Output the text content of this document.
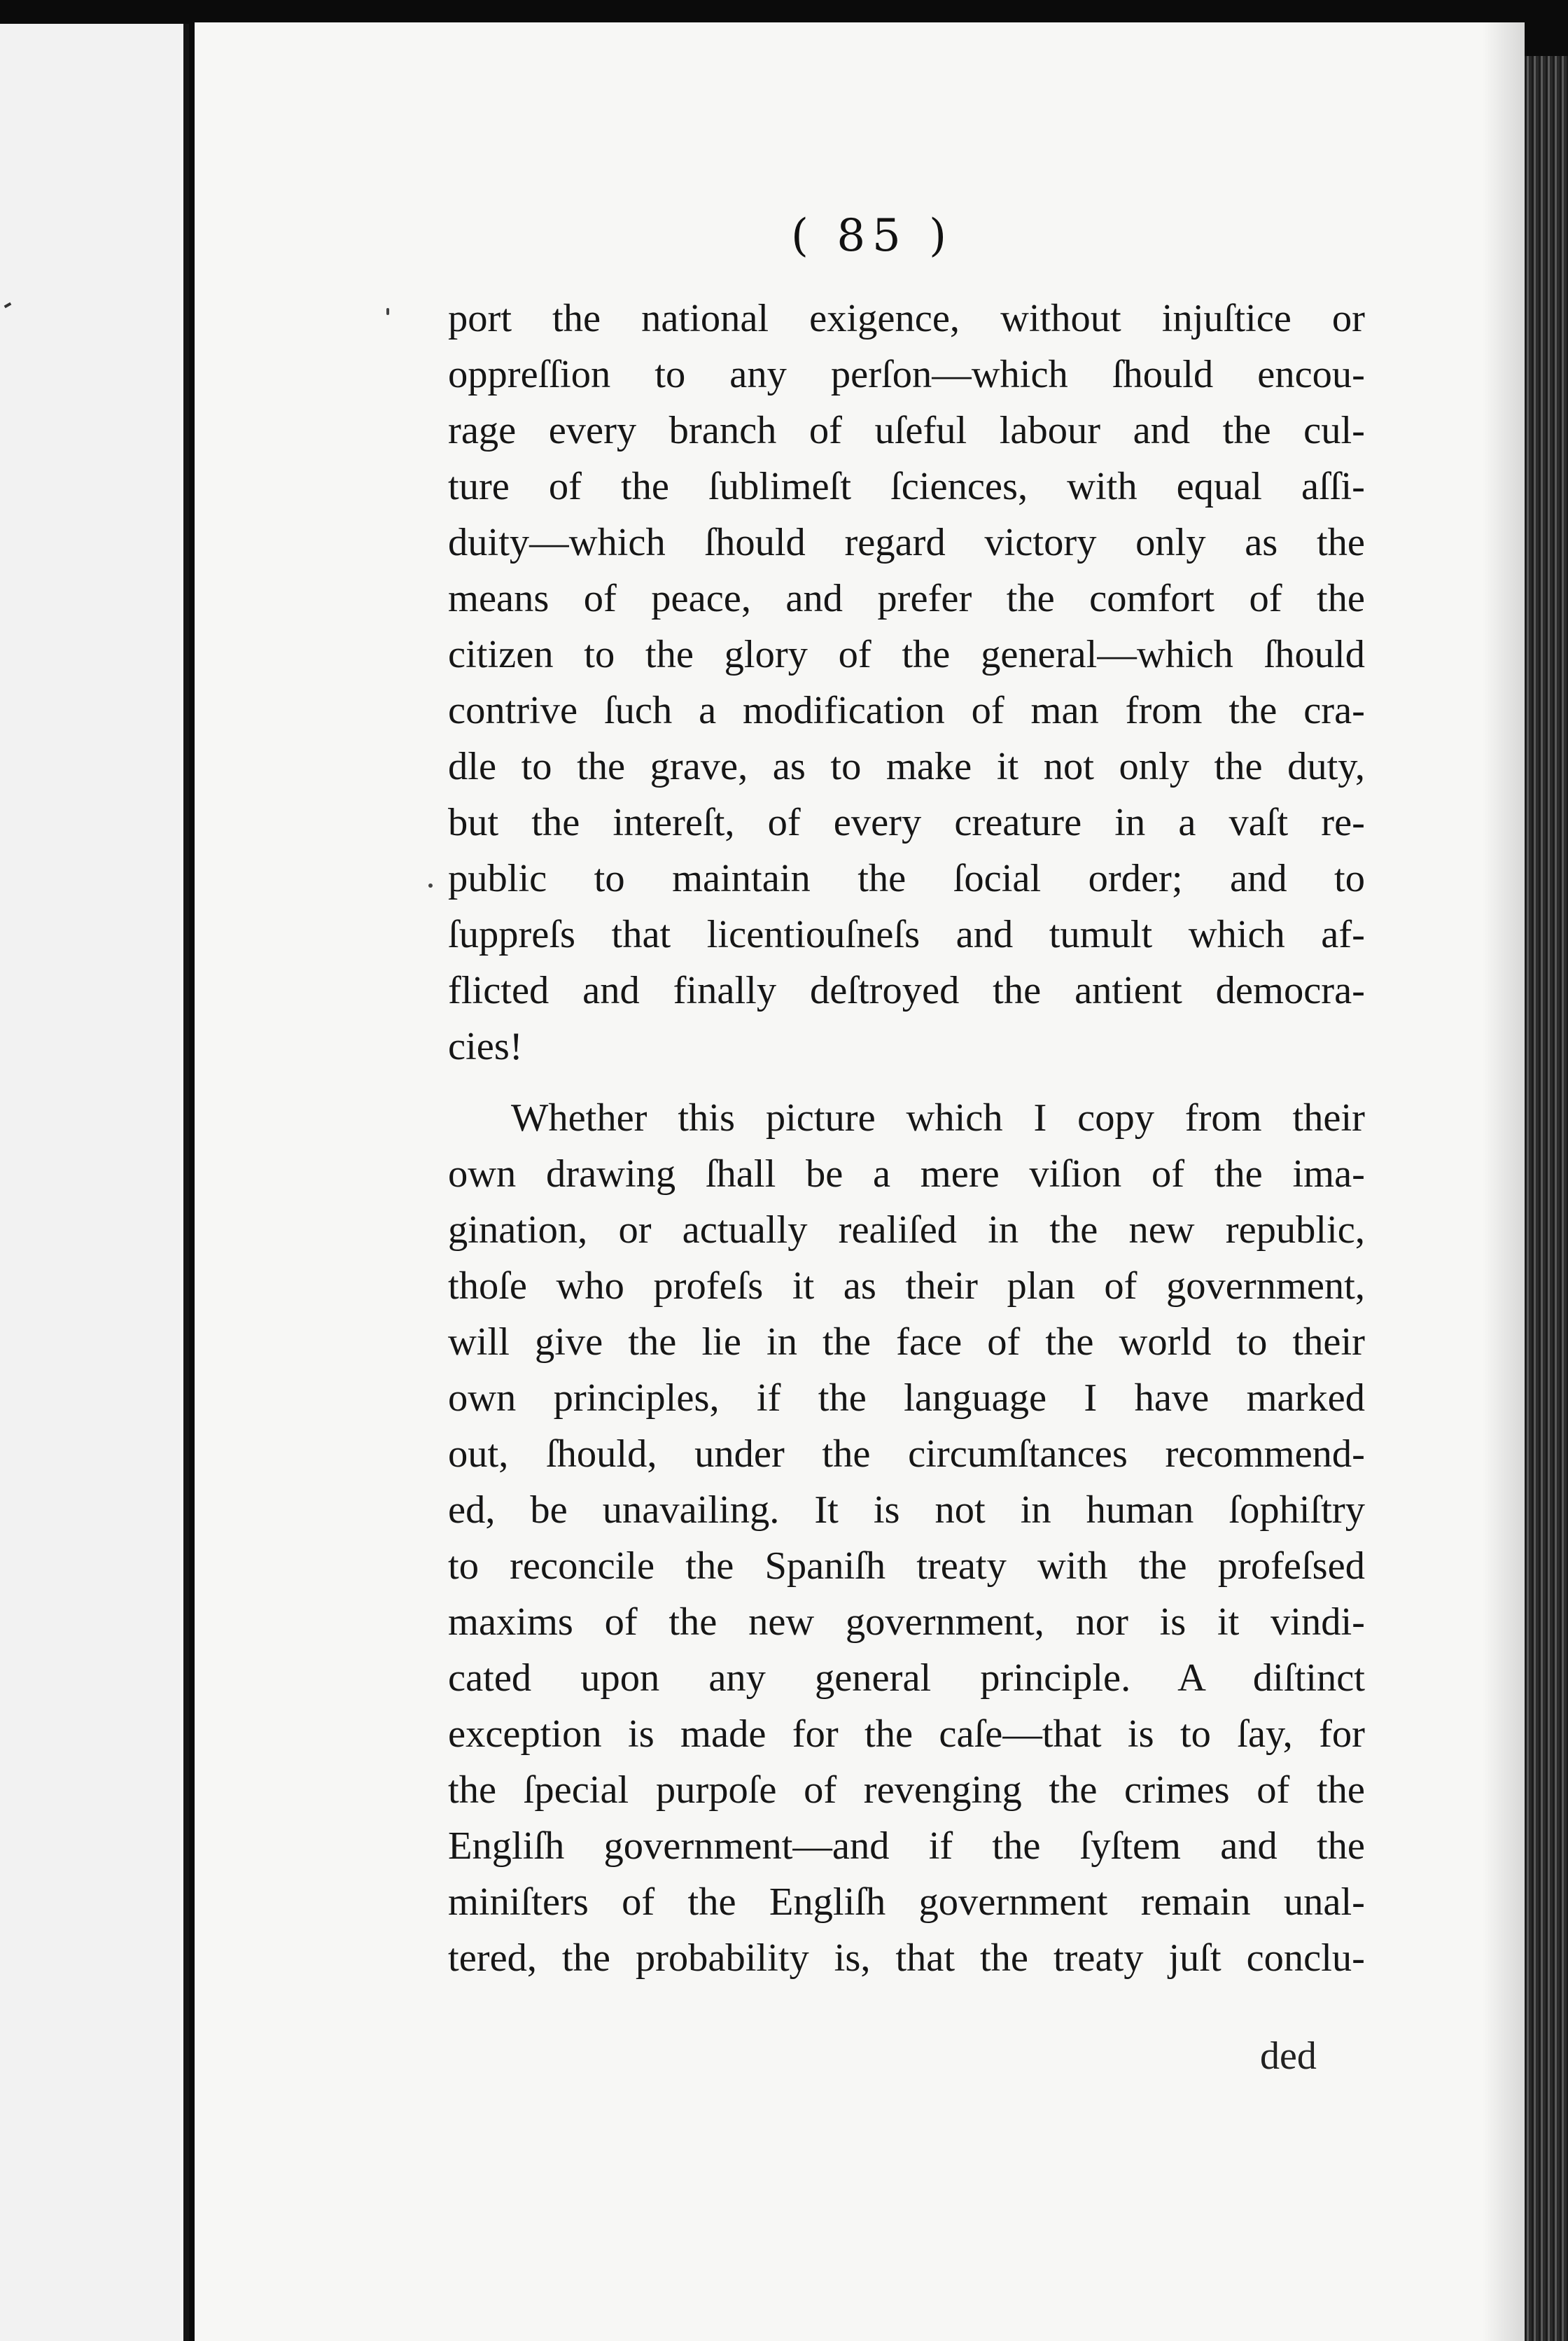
( 85 )
port the national exigence, without injuſtice or
oppreſſion to any perſon—which ſhould encou-
rage every branch of uſeful labour and the cul-
ture of the ſublimeſt ſciences, with equal aſſi-
duity—which ſhould regard victory only as the
means of peace, and prefer the comfort of the
citizen to the glory of the general—which ſhould
contrive ſuch a modification of man from the cra-
dle to the grave, as to make it not only the duty,
but the intereſt, of every creature in a vaſt re-
public to maintain the ſocial order; and to
ſuppreſs that licentiouſneſs and tumult which af-
flicted and finally deſtroyed the antient democra-
cies!
Whether this picture which I copy from their
own drawing ſhall be a mere viſion of the ima-
gination, or actually realiſed in the new republic,
thoſe who profeſs it as their plan of government,
will give the lie in the face of the world to their
own principles, if the language I have marked
out, ſhould, under the circumſtances recommend-
ed, be unavailing. It is not in human ſophiſtry
to reconcile the Spaniſh treaty with the profeſsed
maxims of the new government, nor is it vindi-
cated upon any general principle. A diſtinct
exception is made for the caſe—that is to ſay, for
the ſpecial purpoſe of revenging the crimes of the
Engliſh government—and if the ſyſtem and the
miniſters of the Engliſh government remain unal-
tered, the probability is, that the treaty juſt conclu-
ded
